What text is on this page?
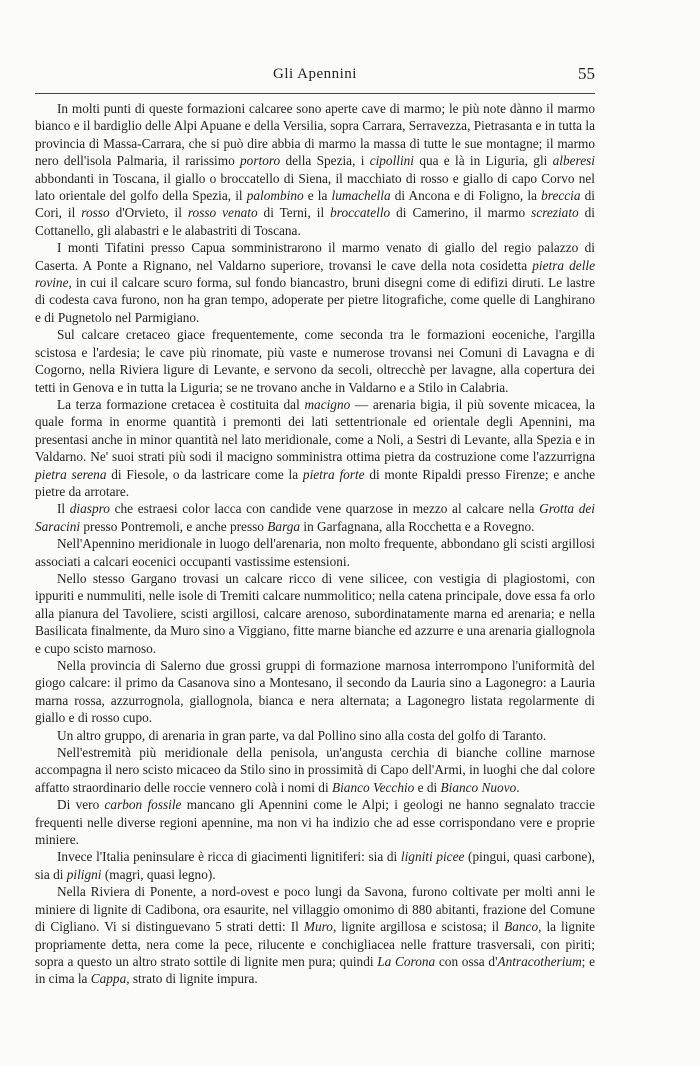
Gli Apennini	55

In molti punti di queste formazioni calcaree sono aperte cave di marmo; le più note dànno il marmo bianco e il bardiglio delle Alpi Apuane e della Versilia, sopra Carrara, Serravezza, Pietrasanta e in tutta la provincia di Massa-Carrara, che si può dire abbia di marmo la massa di tutte le sue montagne; il marmo nero dell'isola Palmaria, il rarissimo portoro della Spezia, i cipollini qua e là in Liguria, gli alberesi abbondanti in Toscana, il giallo o broccatello di Siena, il macchiato di rosso e giallo di capo Corvo nel lato orientale del golfo della Spezia, il palombino e la lumachella di Ancona e di Foligno, la breccia di Cori, il rosso d'Orvieto, il rosso venato di Terni, il broccatello di Camerino, il marmo screziato di Cottanello, gli alabastri e le alabastriti di Toscana.

I monti Tifatini presso Capua somministrarono il marmo venato di giallo del regio palazzo di Caserta. A Ponte a Rignano, nel Valdarno superiore, trovansi le cave della nota cosidetta pietra delle rovine, in cui il calcare scuro forma, sul fondo biancastro, bruni disegni come di edifizi diruti. Le lastre di codesta cava furono, non ha gran tempo, adoperate per pietre litografiche, come quelle di Langhirano e di Pugnetolo nel Parmigiano.

Sul calcare cretaceo giace frequentemente, come seconda tra le formazioni eoceniche, l'argilla scistosa e l'ardesia; le cave più rinomate, più vaste e numerose trovansi nei Comuni di Lavagna e di Cogorno, nella Riviera ligure di Levante, e servono da secoli, oltrecchè per lavagne, alla copertura dei tetti in Genova e in tutta la Liguria; se ne trovano anche in Valdarno e a Stilo in Calabria.

La terza formazione cretacea è costituita dal macigno — arenaria bigia, il più sovente micacea, la quale forma in enorme quantità i premonti dei lati settentrionale ed orientale degli Apennini, ma presentasi anche in minor quantità nel lato meridionale, come a Noli, a Sestri di Levante, alla Spezia e in Valdarno. Ne' suoi strati più sodi il macigno somministra ottima pietra da costruzione come l'azzurrigna pietra serena di Fiesole, o da lastricare come la pietra forte di monte Ripaldi presso Firenze; e anche pietre da arrotare.

Il diaspro che estraesi color lacca con candide vene quarzose in mezzo al calcare nella Grotta dei Saracini presso Pontremoli, e anche presso Barga in Garfagnana, alla Rocchetta e a Rovegno.

Nell'Apennino meridionale in luogo dell'arenaria, non molto frequente, abbondano gli scisti argillosi associati a calcari eocenici occupanti vastissime estensioni.

Nello stesso Gargano trovasi un calcare ricco di vene silicee, con vestigia di plagiostomi, con ippuriti e nummuliti, nelle isole di Tremiti calcare nummolitico; nella catena principale, dove essa fa orlo alla pianura del Tavoliere, scisti argillosi, calcare arenoso, subordinatamente marna ed arenaria; e nella Basilicata finalmente, da Muro sino a Viggiano, fitte marne bianche ed azzurre e una arenaria giallognola e cupo scisto marnoso.

Nella provincia di Salerno due grossi gruppi di formazione marnosa interrompono l'uniformità del giogo calcare: il primo da Casanova sino a Montesano, il secondo da Lauria sino a Lagonegro: a Lauria marna rossa, azzurrognola, giallognola, bianca e nera alternata; a Lagonegro listata regolarmente di giallo e di rosso cupo.

Un altro gruppo, di arenaria in gran parte, va dal Pollino sino alla costa del golfo di Taranto.

Nell'estremità più meridionale della penisola, un'angusta cerchia di bianche colline marnose accompagna il nero scisto micaceo da Stilo sino in prossimità di Capo dell'Armi, in luoghi che dal colore affatto straordinario delle roccie vennero colà i nomi di Bianco Vecchio e di Bianco Nuovo.

Di vero carbon fossile mancano gli Apennini come le Alpi; i geologi ne hanno segnalato traccie frequenti nelle diverse regioni apennine, ma non vi ha indizio che ad esse corrispondano vere e proprie miniere.

Invece l'Italia peninsulare è ricca di giacimenti lignitiferi: sia di ligniti picee (pingui, quasi carbone), sia di piligni (magri, quasi legno).

Nella Riviera di Ponente, a nord-ovest e poco lungi da Savona, furono coltivate per molti anni le miniere di lignite di Cadibona, ora esaurite, nel villaggio omonimo di 880 abitanti, frazione del Comune di Cigliano. Vi si distinguevano 5 strati detti: Il Muro, lignite argillosa e scistosa; il Banco, la lignite propriamente detta, nera come la pece, rilucente e conchigliacea nelle fratture trasversali, con piriti; sopra a questo un altro strato sottile di lignite men pura; quindi La Corona con ossa d'Antracotherium; e in cima la Cappa, strato di lignite impura.
